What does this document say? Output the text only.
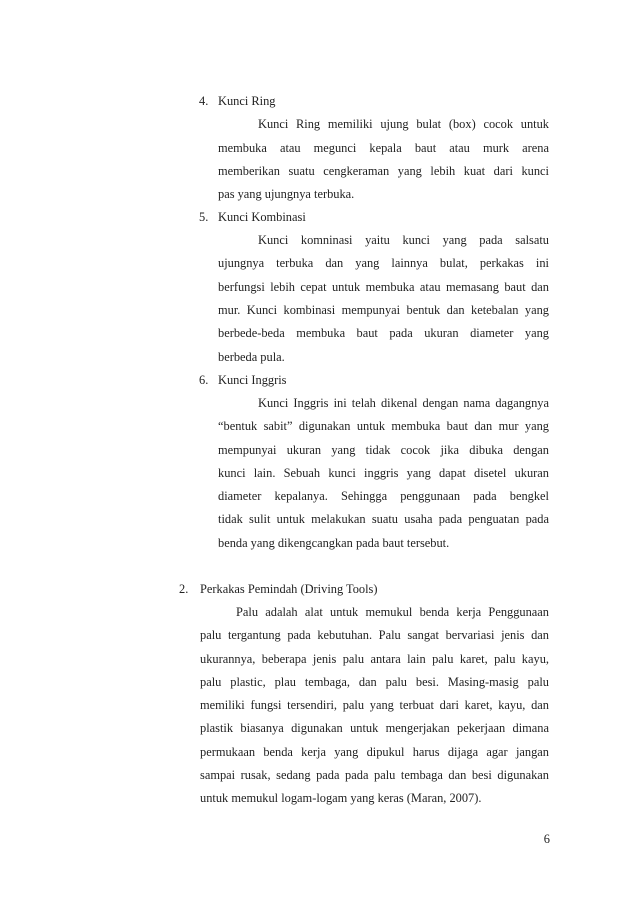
4. Kunci Ring
Kunci Ring memiliki ujung bulat (box) cocok untuk
membuka atau megunci kepala baut atau murk arena
memberikan suatu cengkeraman yang lebih kuat dari kunci
pas yang ujungnya terbuka.
5. Kunci Kombinasi
Kunci komninasi yaitu kunci yang pada salsatu
ujungnya terbuka dan yang lainnya bulat, perkakas ini
berfungsi lebih cepat untuk membuka atau memasang baut dan
mur. Kunci kombinasi mempunyai bentuk dan ketebalan yang
berbede-beda membuka baut pada ukuran diameter yang
berbeda pula.
6. Kunci Inggris
Kunci Inggris ini telah dikenal dengan nama dagangnya
“bentuk sabit” digunakan untuk membuka baut dan mur yang
mempunyai ukuran yang tidak cocok jika dibuka dengan
kunci lain. Sebuah kunci inggris yang dapat disetel ukuran
diameter kepalanya. Sehingga penggunaan pada bengkel
tidak sulit untuk melakukan suatu usaha pada penguatan pada
benda yang dikengcangkan pada baut tersebut.
2. Perkakas Pemindah (Driving Tools)
Palu adalah alat untuk memukul benda kerja Penggunaan
palu tergantung pada kebutuhan. Palu sangat bervariasi jenis dan
ukurannya, beberapa jenis palu antara lain palu karet, palu kayu,
palu plastic, plau tembaga, dan palu besi. Masing-masig palu
memiliki fungsi tersendiri, palu yang terbuat dari karet, kayu, dan
plastik biasanya digunakan untuk mengerjakan pekerjaan dimana
permukaan benda kerja yang dipukul harus dijaga agar jangan
sampai rusak, sedang pada pada palu tembaga dan besi digunakan
untuk memukul logam-logam yang keras (Maran, 2007).
6
